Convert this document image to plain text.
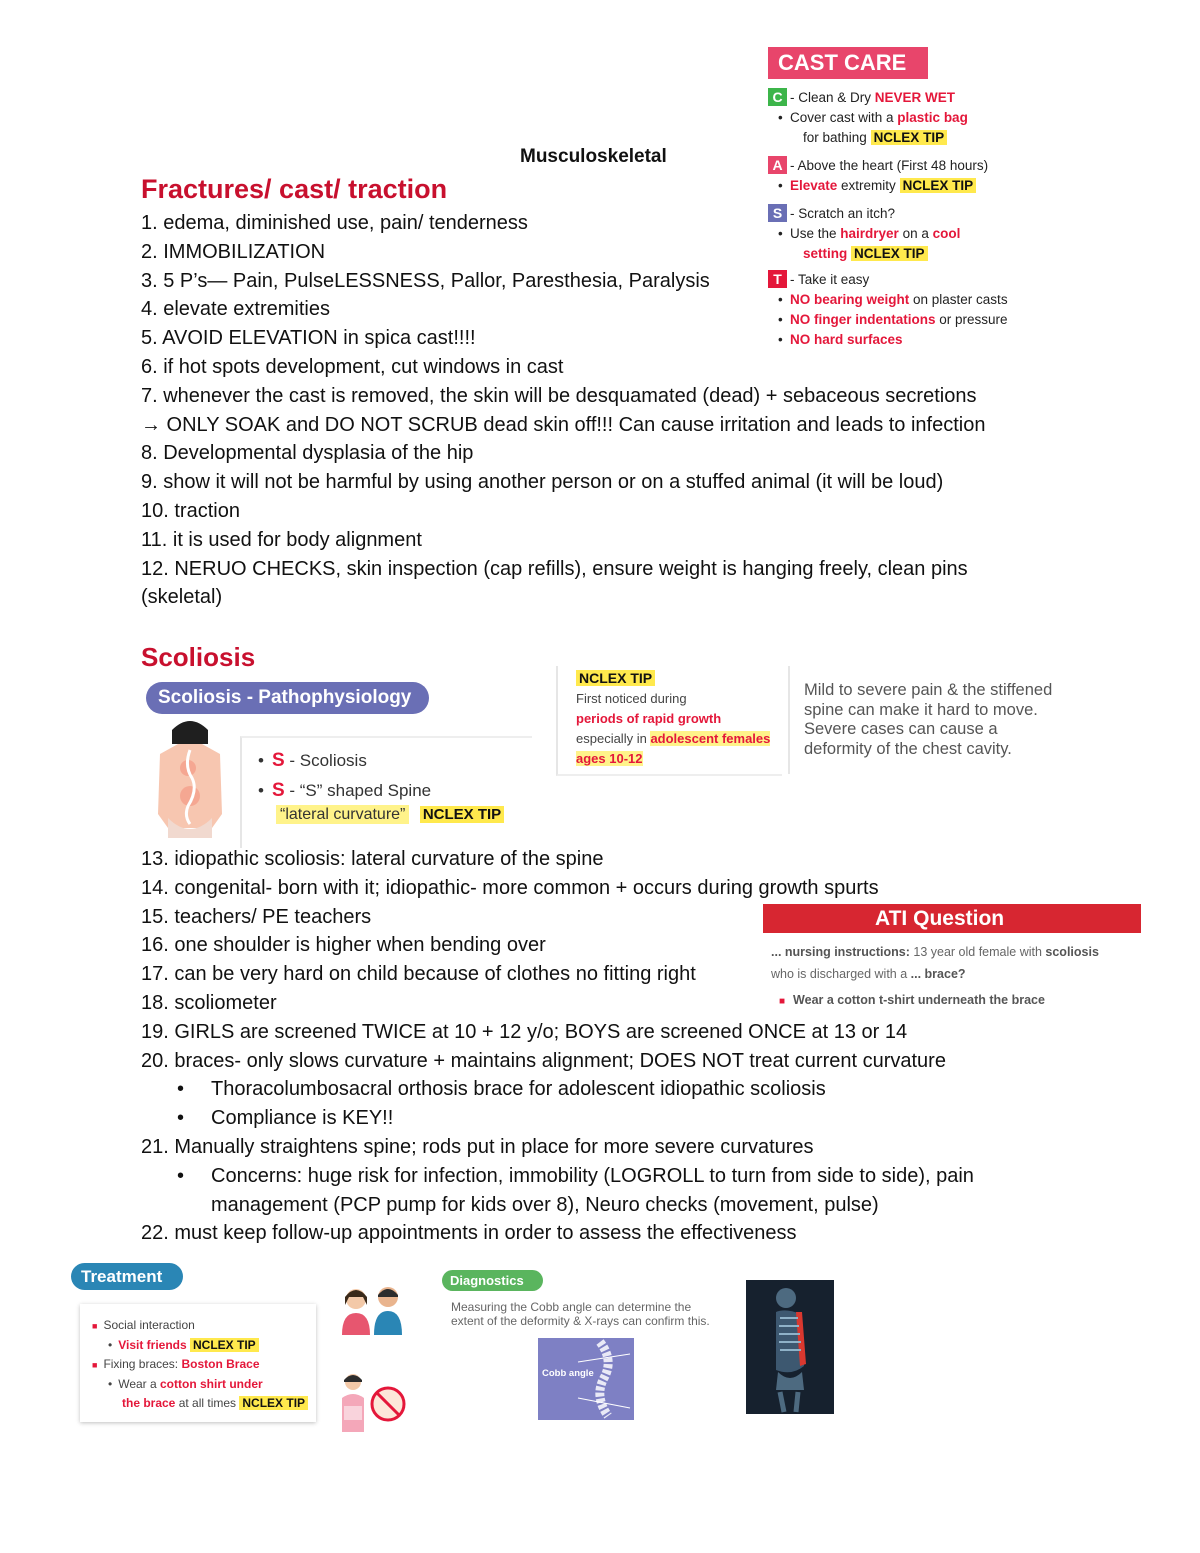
Musculoskeletal
Fractures/ cast/ traction
1. edema, diminished use, pain/ tenderness
2. IMMOBILIZATION
3. 5 P’s— Pain, PulseLESSNESS, Pallor, Paresthesia, Paralysis
4. elevate extremities
5. AVOID ELEVATION in spica cast!!!!
6. if hot spots development, cut windows in cast
7. whenever the cast is removed, the skin will be desquamated (dead) + sebaceous secretions
→ ONLY SOAK and DO NOT SCRUB dead skin off!!! Can cause irritation and leads to infection
8. Developmental dysplasia of the hip
9. show it will not be harmful by using another person or on a stuffed animal (it will be loud)
10. traction
11. it is used for body alignment
12. NERUO CHECKS, skin inspection (cap refills), ensure weight is hanging freely, clean pins
(skeletal)
CAST CARE
C - Clean & Dry NEVER WET
• Cover cast with a plastic bag
for bathing NCLEX TIP
A - Above the heart (First 48 hours)
• Elevate extremity NCLEX TIP
S - Scratch an itch?
• Use the hairdryer on a cool
setting NCLEX TIP
T - Take it easy
• NO bearing weight on plaster casts
• NO finger indentations or pressure
• NO hard surfaces
Scoliosis
Scoliosis - Pathophysiology
• S - Scoliosis
• S - “S” shaped Spine
“lateral curvature” NCLEX TIP
NCLEX TIP
First noticed during
periods of rapid growth
especially in adolescent females
ages 10-12
Mild to severe pain & the stiffened
spine can make it hard to move.
Severe cases can cause a
deformity of the chest cavity.
13. idiopathic scoliosis: lateral curvature of the spine
14. congenital- born with it; idiopathic- more common + occurs during growth spurts
15. teachers/ PE teachers
16. one shoulder is higher when bending over
17. can be very hard on child because of clothes no fitting right
18. scoliometer
19. GIRLS are screened TWICE at 10 + 12 y/o; BOYS are screened ONCE at 13 or 14
20. braces- only slows curvature + maintains alignment; DOES NOT treat current curvature
• Thoracolumbosacral orthosis brace for adolescent idiopathic scoliosis
• Compliance is KEY!!
21. Manually straightens spine; rods put in place for more severe curvatures
• Concerns: huge risk for infection, immobility (LOGROLL to turn from side to side), pain
management (PCP pump for kids over 8), Neuro checks (movement, pulse)
22. must keep follow-up appointments in order to assess the effectiveness
ATI Question
... nursing instructions: 13 year old female with scoliosis
who is discharged with a ... brace?
■ Wear a cotton t-shirt underneath the brace
Treatment
■ Social interaction
• Visit friends NCLEX TIP
■ Fixing braces: Boston Brace
• Wear a cotton shirt under
the brace at all times NCLEX TIP
Diagnostics
Measuring the Cobb angle can determine the
extent of the deformity & X-rays can confirm this.
Cobb angle
